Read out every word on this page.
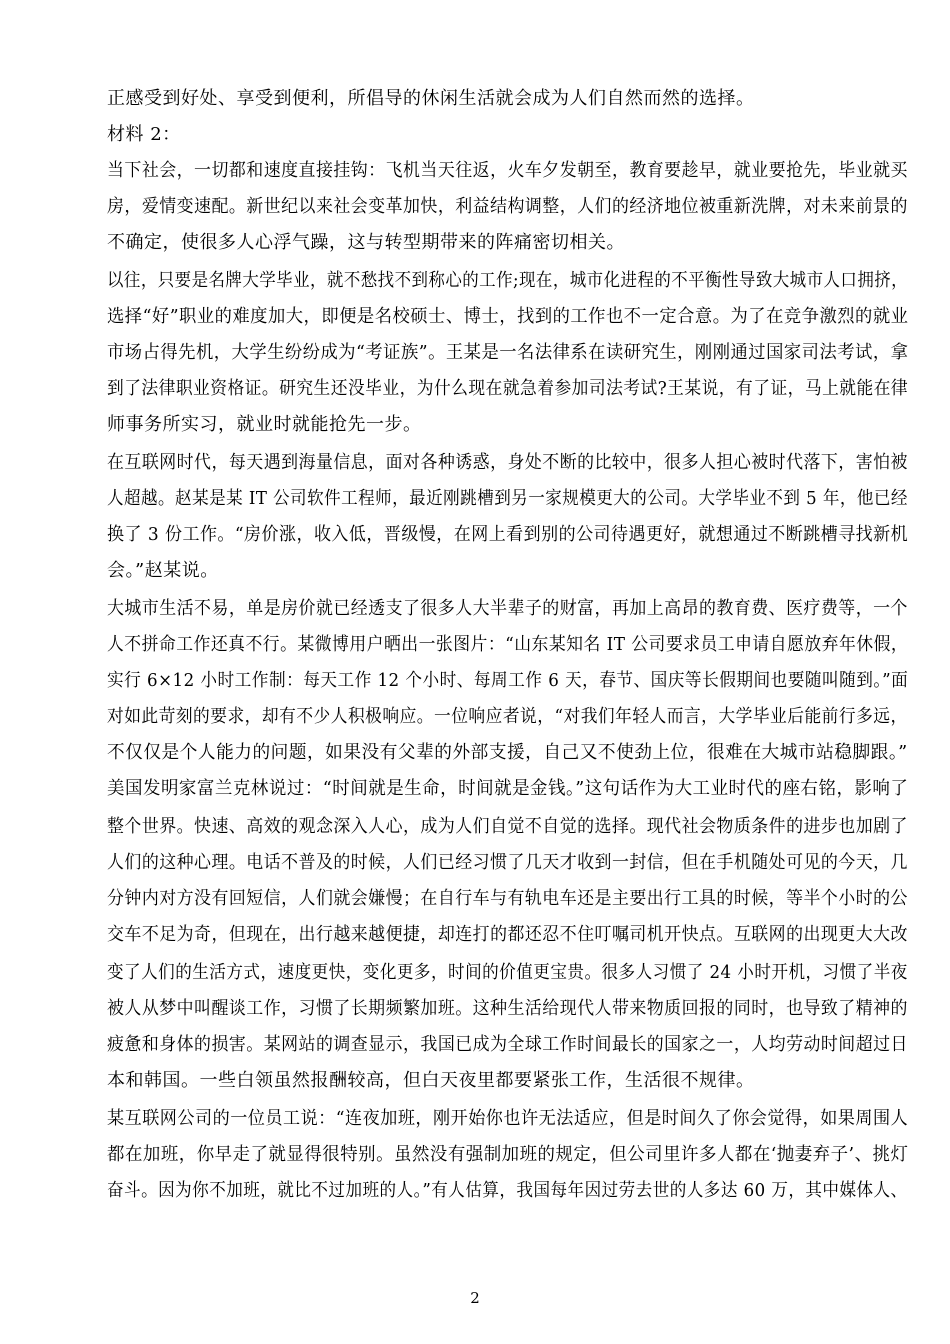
正感受到好处、享受到便利，所倡导的休闲生活就会成为人们自然而然的选择。
材料 2：
当下社会，一切都和速度直接挂钩：飞机当天往返，火车夕发朝至，教育要趁早，就业要抢先，毕业就买
房，爱情变速配。新世纪以来社会变革加快，利益结构调整，人们的经济地位被重新洗牌，对未来前景的
不确定，使很多人心浮气躁，这与转型期带来的阵痛密切相关。
以往，只要是名牌大学毕业，就不愁找不到称心的工作;现在，城市化进程的不平衡性导致大城市人口拥挤，
选择“好”职业的难度加大，即便是名校硕士、博士，找到的工作也不一定合意。为了在竞争激烈的就业
市场占得先机，大学生纷纷成为“考证族”。王某是一名法律系在读研究生，刚刚通过国家司法考试，拿
到了法律职业资格证。研究生还没毕业，为什么现在就急着参加司法考试?王某说，有了证，马上就能在律
师事务所实习，就业时就能抢先一步。
在互联网时代，每天遇到海量信息，面对各种诱惑，身处不断的比较中，很多人担心被时代落下，害怕被
人超越。赵某是某 IT 公司软件工程师，最近刚跳槽到另一家规模更大的公司。大学毕业不到 5 年，他已经
换了 3 份工作。“房价涨，收入低，晋级慢，在网上看到别的公司待遇更好，就想通过不断跳槽寻找新机
会。”赵某说。
大城市生活不易，单是房价就已经透支了很多人大半辈子的财富，再加上高昂的教育费、医疗费等，一个
人不拼命工作还真不行。某微博用户晒出一张图片：“山东某知名 IT 公司要求员工申请自愿放弃年休假，
实行 6×12 小时工作制：每天工作 12 个小时、每周工作 6 天，春节、国庆等长假期间也要随叫随到。”面
对如此苛刻的要求，却有不少人积极响应。一位响应者说，“对我们年轻人而言，大学毕业后能前行多远，
不仅仅是个人能力的问题，如果没有父辈的外部支援，自己又不使劲上位，很难在大城市站稳脚跟。”
美国发明家富兰克林说过：“时间就是生命，时间就是金钱。”这句话作为大工业时代的座右铭，影响了
整个世界。快速、高效的观念深入人心，成为人们自觉不自觉的选择。现代社会物质条件的进步也加剧了
人们的这种心理。电话不普及的时候，人们已经习惯了几天才收到一封信，但在手机随处可见的今天，几
分钟内对方没有回短信，人们就会嫌慢；在自行车与有轨电车还是主要出行工具的时候，等半个小时的公
交车不足为奇，但现在，出行越来越便捷，却连打的都还忍不住叮嘱司机开快点。互联网的出现更大大改
变了人们的生活方式，速度更快，变化更多，时间的价值更宝贵。很多人习惯了 24 小时开机，习惯了半夜
被人从梦中叫醒谈工作，习惯了长期频繁加班。这种生活给现代人带来物质回报的同时，也导致了精神的
疲惫和身体的损害。某网站的调查显示，我国已成为全球工作时间最长的国家之一，人均劳动时间超过日
本和韩国。一些白领虽然报酬较高，但白天夜里都要紧张工作，生活很不规律。
某互联网公司的一位员工说：“连夜加班，刚开始你也许无法适应，但是时间久了你会觉得，如果周围人
都在加班，你早走了就显得很特别。虽然没有强制加班的规定，但公司里许多人都在‘抛妻弃子’、挑灯
奋斗。因为你不加班，就比不过加班的人。”有人估算，我国每年因过劳去世的人多达 60 万，其中媒体人、
2
